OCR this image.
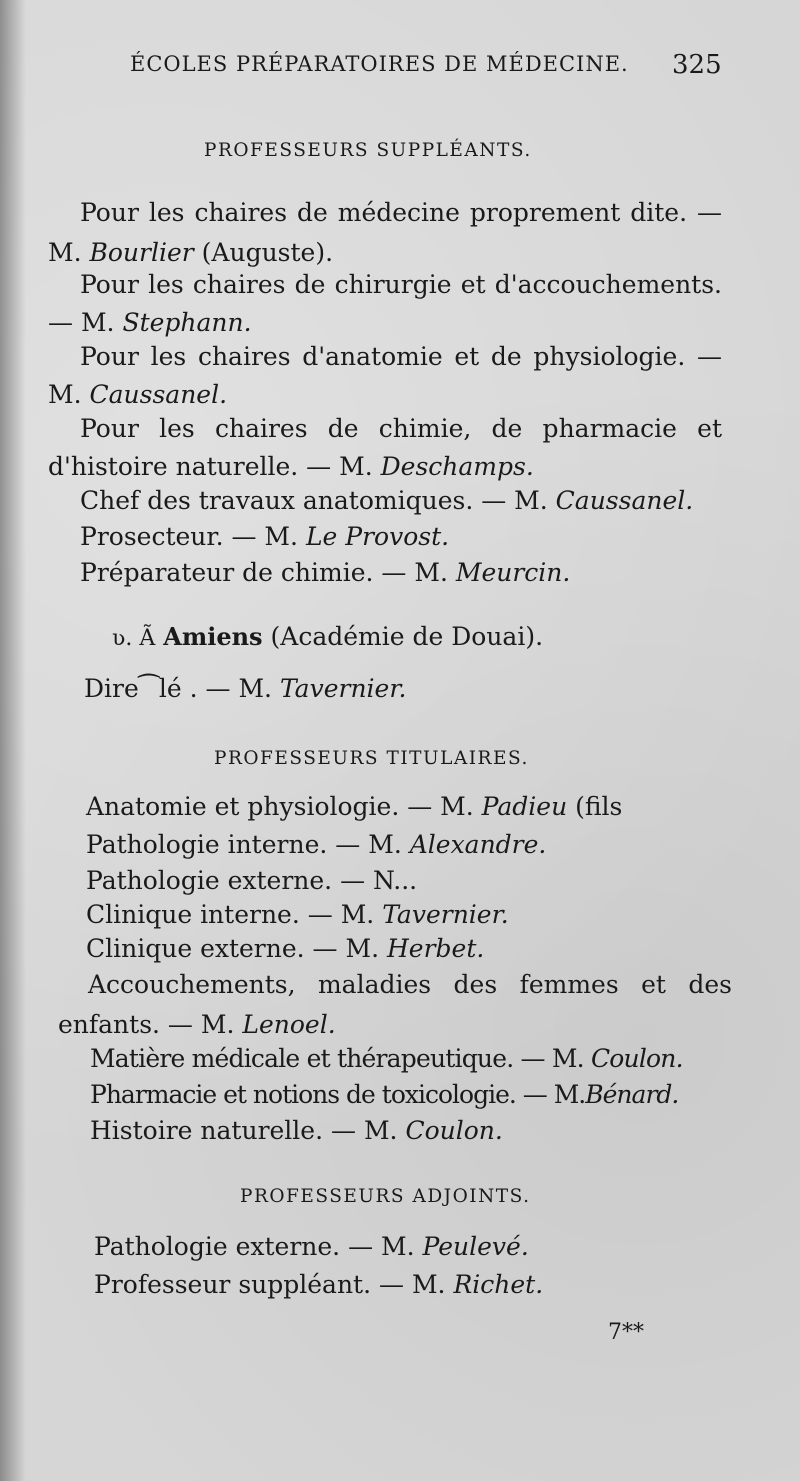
ÉCOLES PRÉPARATOIRES DE MÉDECINE. 325
PROFESSEURS SUPPLÉANTS.
Pour les chaires de médecine proprement dite. —
M. Bourlier (Auguste).
Pour les chaires de chirurgie et d'accouchements.
— M. Stephann.
Pour les chaires d'anatomie et de physiologie. —
M. Caussanel.
Pour les chaires de chimie, de pharmacie et
d'histoire naturelle. — M. Deschamps.
Chef des travaux anatomiques. — M. Caussanel.
Prosecteur. — M. Le Provost.
Préparateur de chimie. — M. Meurcin.
ʋ. Ã Amiens (Académie de Douai).
Dire⁀lé . — M. Tavernier.
PROFESSEURS TITULAIRES.
Anatomie et physiologie. — M. Padieu (fils
Pathologie interne. — M. Alexandre.
Pathologie externe. — N...
Clinique interne. — M. Tavernier.
Clinique externe. — M. Herbet.
Accouchements, maladies des femmes et des
enfants. — M. Lenoel.
Matière médicale et thérapeutique. — M. Coulon.
Pharmacie et notions de toxicologie. — M.Bénard.
Histoire naturelle. — M. Coulon.
PROFESSEURS ADJOINTS.
Pathologie externe. — M. Peulevé.
Professeur suppléant. — M. Richet.
7**
